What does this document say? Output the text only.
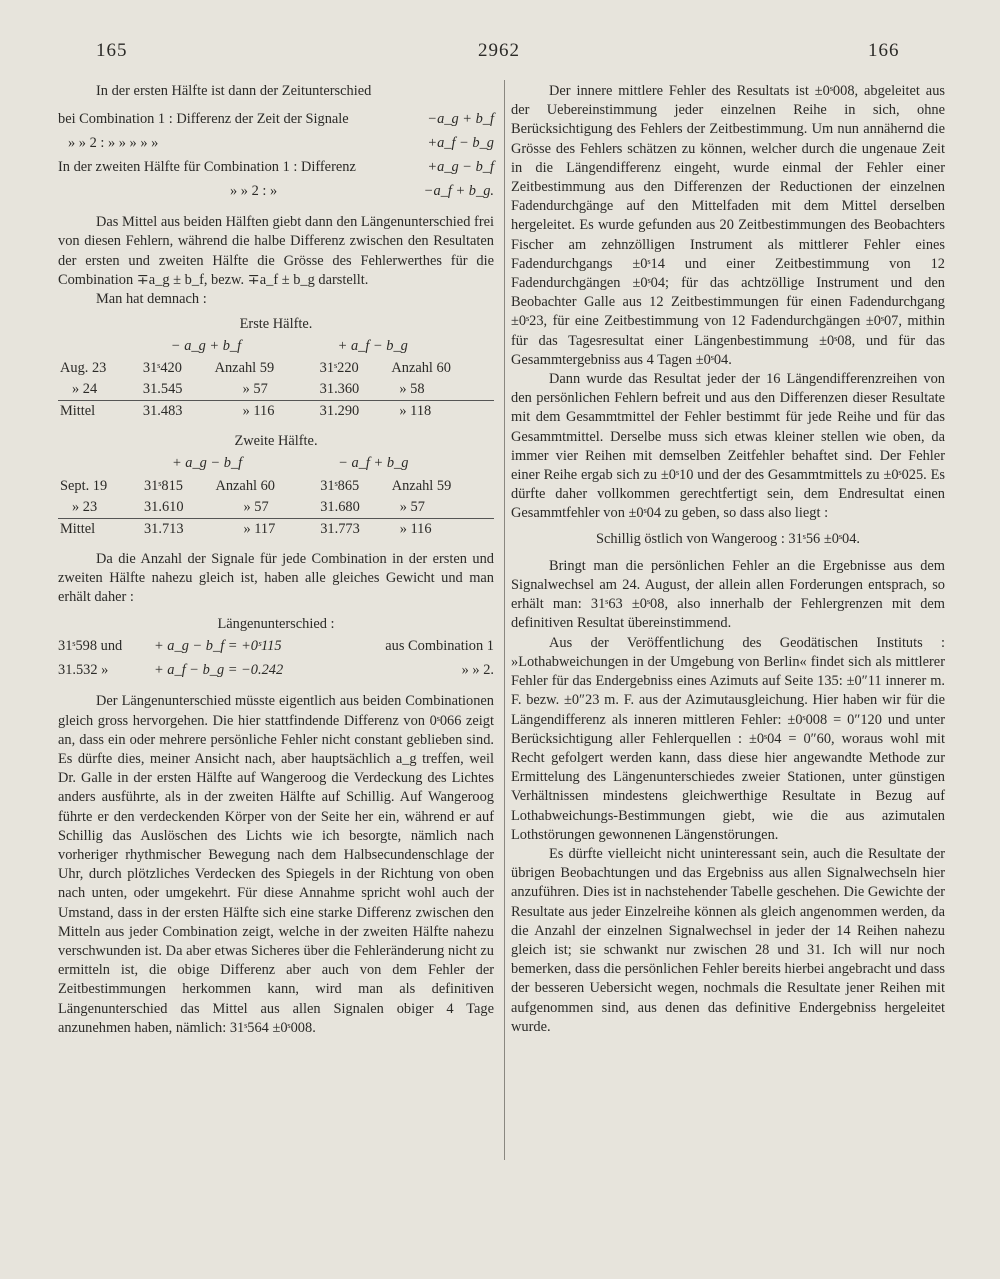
165	2962	166

In der ersten Hälfte ist dann der Zeitunterschied

bei Combination 1 : Differenz der Zeit der Signale	−a_g + b_f
» » 2 : » » » » »	+a_f − b_g
In der zweiten Hälfte für Combination 1 : Differenz	+a_g − b_f
» » 2 : »	−a_f + b_g.

Das Mittel aus beiden Hälften giebt dann den Längenunterschied frei von diesen Fehlern, während die halbe Differenz zwischen den Resultaten der ersten und zweiten Hälfte die Grösse des Fehlerwerthes für die Combination ∓a_g ± b_f, bezw. ∓a_f ± b_g darstellt.

Man hat demnach :

Erste Hälfte.
	− a_g + b_f		+ a_f − b_g	
Aug. 23	31ˢ420	Anzahl 59	31ˢ220	Anzahl 60
» 24	31.545	» 57	31.360	» 58
Mittel	31.483	» 116	31.290	» 118
Zweite Hälfte.
	+ a_g − b_f		− a_f + b_g	
Sept. 19	31ˢ815	Anzahl 60	31ˢ865	Anzahl 59
» 23	31.610	» 57	31.680	» 57
Mittel	31.713	» 117	31.773	» 116

Da die Anzahl der Signale für jede Combination in der ersten und zweiten Hälfte nahezu gleich ist, haben alle gleiches Gewicht und man erhält daher :

Längenunterschied :
31ˢ598 und + a_g − b_f = +0ˢ115	aus Combination 1
31.532 »	+ a_f − b_g = −0.242	» » 2.

Der Längenunterschied müsste eigentlich aus beiden Combinationen gleich gross hervorgehen. Die hier stattfindende Differenz von 0ˢ066 zeigt an, dass ein oder mehrere persönliche Fehler nicht constant geblieben sind. Es dürfte dies, meiner Ansicht nach, aber hauptsächlich a_g treffen, weil Dr. Galle in der ersten Hälfte auf Wangeroog die Verdeckung des Lichtes anders ausführte, als in der zweiten Hälfte auf Schillig. Auf Wangeroog führte er den verdeckenden Körper von der Seite her ein, während er auf Schillig das Auslöschen des Lichts wie ich besorgte, nämlich nach vorheriger rhythmischer Bewegung nach dem Halbsecundenschlage der Uhr, durch plötzliches Verdecken des Spiegels in der Richtung von oben nach unten, oder umgekehrt. Für diese Annahme spricht wohl auch der Umstand, dass in der ersten Hälfte sich eine starke Differenz zwischen den Mitteln aus jeder Combination zeigt, welche in der zweiten Hälfte nahezu verschwunden ist. Da aber etwas Sicheres über die Fehleränderung nicht zu ermitteln ist, die obige Differenz aber auch von dem Fehler der Zeitbestimmungen herkommen kann, wird man als definitiven Längenunterschied das Mittel aus allen Signalen obiger 4 Tage anzunehmen haben, nämlich: 31ˢ564 ±0ˢ008.

Der innere mittlere Fehler des Resultats ist ±0ˢ008, abgeleitet aus der Uebereinstimmung jeder einzelnen Reihe in sich, ohne Berücksichtigung des Fehlers der Zeitbestimmung. Um nun annähernd die Grösse des Fehlers schätzen zu können, welcher durch die ungenaue Zeit in die Längendifferenz eingeht, wurde einmal der Fehler einer Zeitbestimmung aus den Differenzen der Reductionen der einzelnen Fadendurchgänge auf den Mittelfaden mit dem Mittel derselben hergeleitet. Es wurde gefunden aus 20 Zeitbestimmungen des Beobachters Fischer am zehnzölligen Instrument als mittlerer Fehler eines Fadendurchgangs ±0ˢ14 und einer Zeitbestimmung von 12 Fadendurchgängen ±0ˢ04; für das achtzöllige Instrument und den Beobachter Galle aus 12 Zeitbestimmungen für einen Fadendurchgang ±0ˢ23, für eine Zeitbestimmung von 12 Fadendurchgängen ±0ˢ07, mithin für das Tagesresultat einer Längenbestimmung ±0ˢ08, und für das Gesammtergebniss aus 4 Tagen ±0ˢ04.

Dann wurde das Resultat jeder der 16 Längendifferenzreihen von den persönlichen Fehlern befreit und aus den Differenzen dieser Resultate mit dem Gesammtmittel der Fehler bestimmt für jede Reihe und für das Gesammtmittel. Derselbe muss sich etwas kleiner stellen wie oben, da immer vier Reihen mit demselben Zeitfehler behaftet sind. Der Fehler einer Reihe ergab sich zu ±0ˢ10 und der des Gesammtmittels zu ±0ˢ025. Es dürfte daher vollkommen gerechtfertigt sein, dem Endresultat einen Gesammtfehler von ±0ˢ04 zu geben, so dass also liegt :

Schillig östlich von Wangeroog : 31ˢ56 ±0ˢ04.

Bringt man die persönlichen Fehler an die Ergebnisse aus dem Signalwechsel am 24. August, der allein allen Forderungen entsprach, so erhält man: 31ˢ63 ±0ˢ08, also innerhalb der Fehlergrenzen mit dem definitiven Resultat übereinstimmend.

Aus der Veröffentlichung des Geodätischen Instituts : »Lothabweichungen in der Umgebung von Berlin« findet sich als mittlerer Fehler für das Endergebniss eines Azimuts auf Seite 135: ±0″11 innerer m. F. bezw. ±0″23 m. F. aus der Azimutausgleichung. Hier haben wir für die Längendifferenz als inneren mittleren Fehler: ±0ˢ008 = 0″120 und unter Berücksichtigung aller Fehlerquellen : ±0ˢ04 = 0″60, woraus wohl mit Recht gefolgert werden kann, dass diese hier angewandte Methode zur Ermittelung des Längenunterschiedes zweier Stationen, unter günstigen Verhältnissen mindestens gleichwerthige Resultate in Bezug auf Lothabweichungs-Bestimmungen giebt, wie die aus azimutalen Lothstörungen gewonnenen Längenstörungen.

Es dürfte vielleicht nicht uninteressant sein, auch die Resultate der übrigen Beobachtungen und das Ergebniss aus allen Signalwechseln hier anzuführen. Dies ist in nachstehender Tabelle geschehen. Die Gewichte der Resultate aus jeder Einzelreihe können als gleich angenommen werden, da die Anzahl der einzelnen Signalwechsel in jeder der 14 Reihen nahezu gleich ist; sie schwankt nur zwischen 28 und 31. Ich will nur noch bemerken, dass die persönlichen Fehler bereits hierbei angebracht und dass der besseren Uebersicht wegen, nochmals die Resultate jener Reihen mit aufgenommen sind, aus denen das definitive Endergebniss hergeleitet wurde.
